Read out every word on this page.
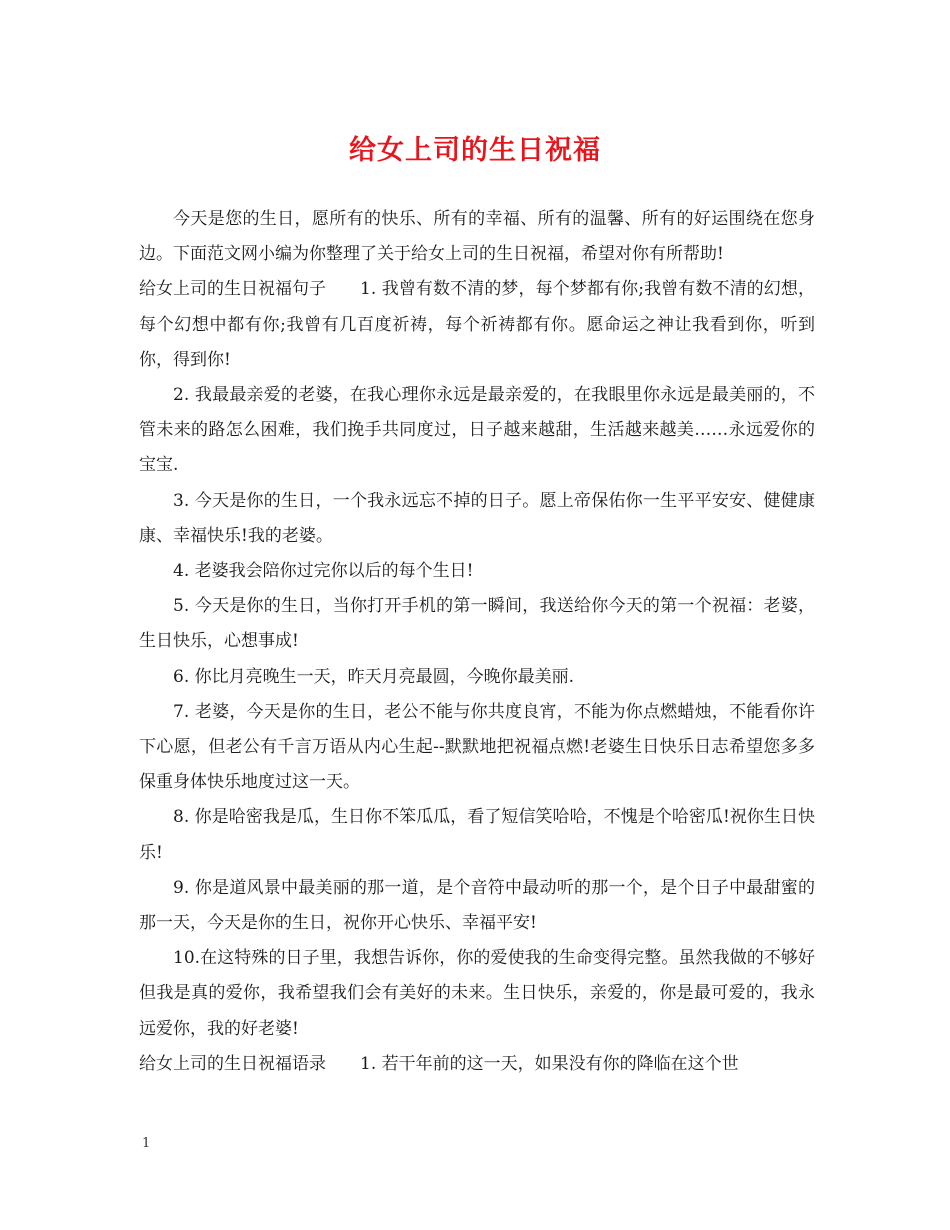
给女上司的生日祝福

今天是您的生日，愿所有的快乐、所有的幸福、所有的温馨、所有的好运围绕在您身边。下面范文网小编为你整理了关于给女上司的生日祝福，希望对你有所帮助!

给女上司的生日祝福句子 1. 我曾有数不清的梦，每个梦都有你;我曾有数不清的幻想，每个幻想中都有你;我曾有几百度祈祷，每个祈祷都有你。愿命运之神让我看到你，听到你，得到你!

2. 我最最亲爱的老婆，在我心理你永远是最亲爱的，在我眼里你永远是最美丽的，不管未来的路怎么困难，我们挽手共同度过，日子越来越甜，生活越来越美……永远爱你的宝宝.

3. 今天是你的生日，一个我永远忘不掉的日子。愿上帝保佑你一生平平安安、健健康康、幸福快乐!我的老婆。

4. 老婆我会陪你过完你以后的每个生日!

5. 今天是你的生日，当你打开手机的第一瞬间，我送给你今天的第一个祝福：老婆，生日快乐，心想事成!

6. 你比月亮晚生一天，昨天月亮最圆，今晚你最美丽.

7. 老婆，今天是你的生日，老公不能与你共度良宵，不能为你点燃蜡烛，不能看你许下心愿，但老公有千言万语从内心生起--默默地把祝福点燃!老婆生日快乐日志希望您多多保重身体快乐地度过这一天。

8. 你是哈密我是瓜，生日你不笨瓜瓜，看了短信笑哈哈，不愧是个哈密瓜!祝你生日快乐!

9. 你是道风景中最美丽的那一道，是个音符中最动听的那一个，是个日子中最甜蜜的那一天，今天是你的生日，祝你开心快乐、幸福平安!

10.在这特殊的日子里，我想告诉你，你的爱使我的生命变得完整。虽然我做的不够好但我是真的爱你，我希望我们会有美好的未来。生日快乐，亲爱的，你是最可爱的，我永远爱你，我的好老婆!

给女上司的生日祝福语录 1. 若干年前的这一天，如果没有你的降临在这个世

1
